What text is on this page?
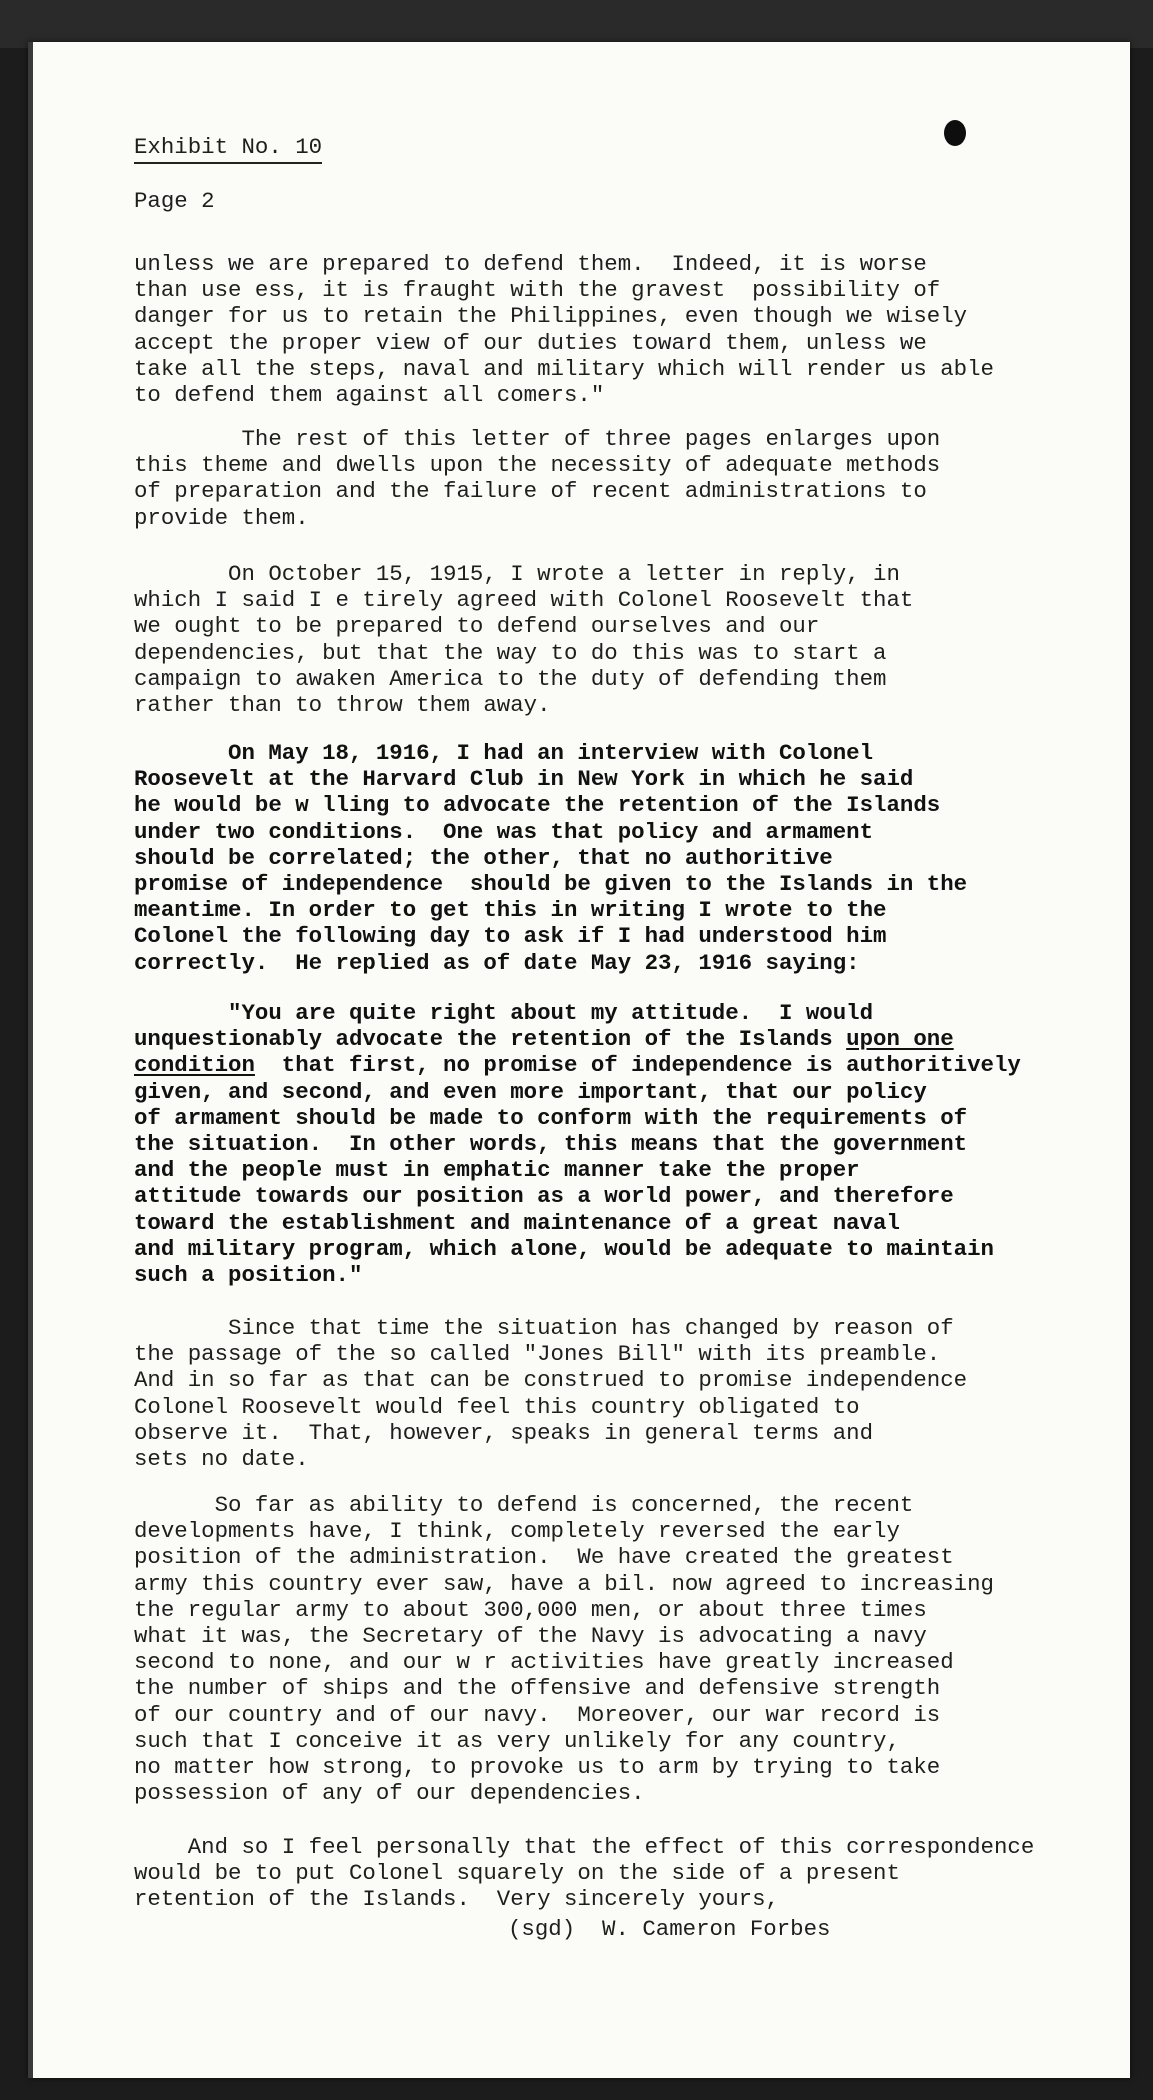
Exhibit No. 10
Page 2
unless we are prepared to defend them.  Indeed, it is worse
than use ess, it is fraught with the gravest  possibility of
danger for us to retain the Philippines, even though we wisely
accept the proper view of our duties toward them, unless we
take all the steps, naval and military which will render us able
to defend them against all comers."
The rest of this letter of three pages enlarges upon
this theme and dwells upon the necessity of adequate methods
of preparation and the failure of recent administrations to
provide them.
On October 15, 1915, I wrote a letter in reply, in
which I said I e tirely agreed with Colonel Roosevelt that
we ought to be prepared to defend ourselves and our
dependencies, but that the way to do this was to start a
campaign to awaken America to the duty of defending them
rather than to throw them away.
On May 18, 1916, I had an interview with Colonel
Roosevelt at the Harvard Club in New York in which he said
he would be w lling to advocate the retention of the Islands
under two conditions.  One was that policy and armament
should be correlated; the other, that no authoritive
promise of independence  should be given to the Islands in the
meantime. In order to get this in writing I wrote to the
Colonel the following day to ask if I had understood him
correctly.  He replied as of date May 23, 1916 saying:
"You are quite right about my attitude.  I would
unquestionably advocate the retention of the Islands upon one
condition  that first, no promise of independence is authoritively
given, and second, and even more important, that our policy
of armament should be made to conform with the requirements of
the situation.  In other words, this means that the government
and the people must in emphatic manner take the proper
attitude towards our position as a world power, and therefore
toward the establishment and maintenance of a great naval
and military program, which alone, would be adequate to maintain
such a position."
Since that time the situation has changed by reason of
the passage of the so called "Jones Bill" with its preamble.
And in so far as that can be construed to promise independence
Colonel Roosevelt would feel this country obligated to
observe it.  That, however, speaks in general terms and
sets no date.
So far as ability to defend is concerned, the recent
developments have, I think, completely reversed the early
position of the administration.  We have created the greatest
army this country ever saw, have a bil. now agreed to increasing
the regular army to about 300,000 men, or about three times
what it was, the Secretary of the Navy is advocating a navy
second to none, and our w r activities have greatly increased
the number of ships and the offensive and defensive strength
of our country and of our navy.  Moreover, our war record is
such that I conceive it as very unlikely for any country,
no matter how strong, to provoke us to arm by trying to take
possession of any of our dependencies.
And so I feel personally that the effect of this correspondence
would be to put Colonel squarely on the side of a present
retention of the Islands.  Very sincerely yours,
(sgd)  W. Cameron Forbes
